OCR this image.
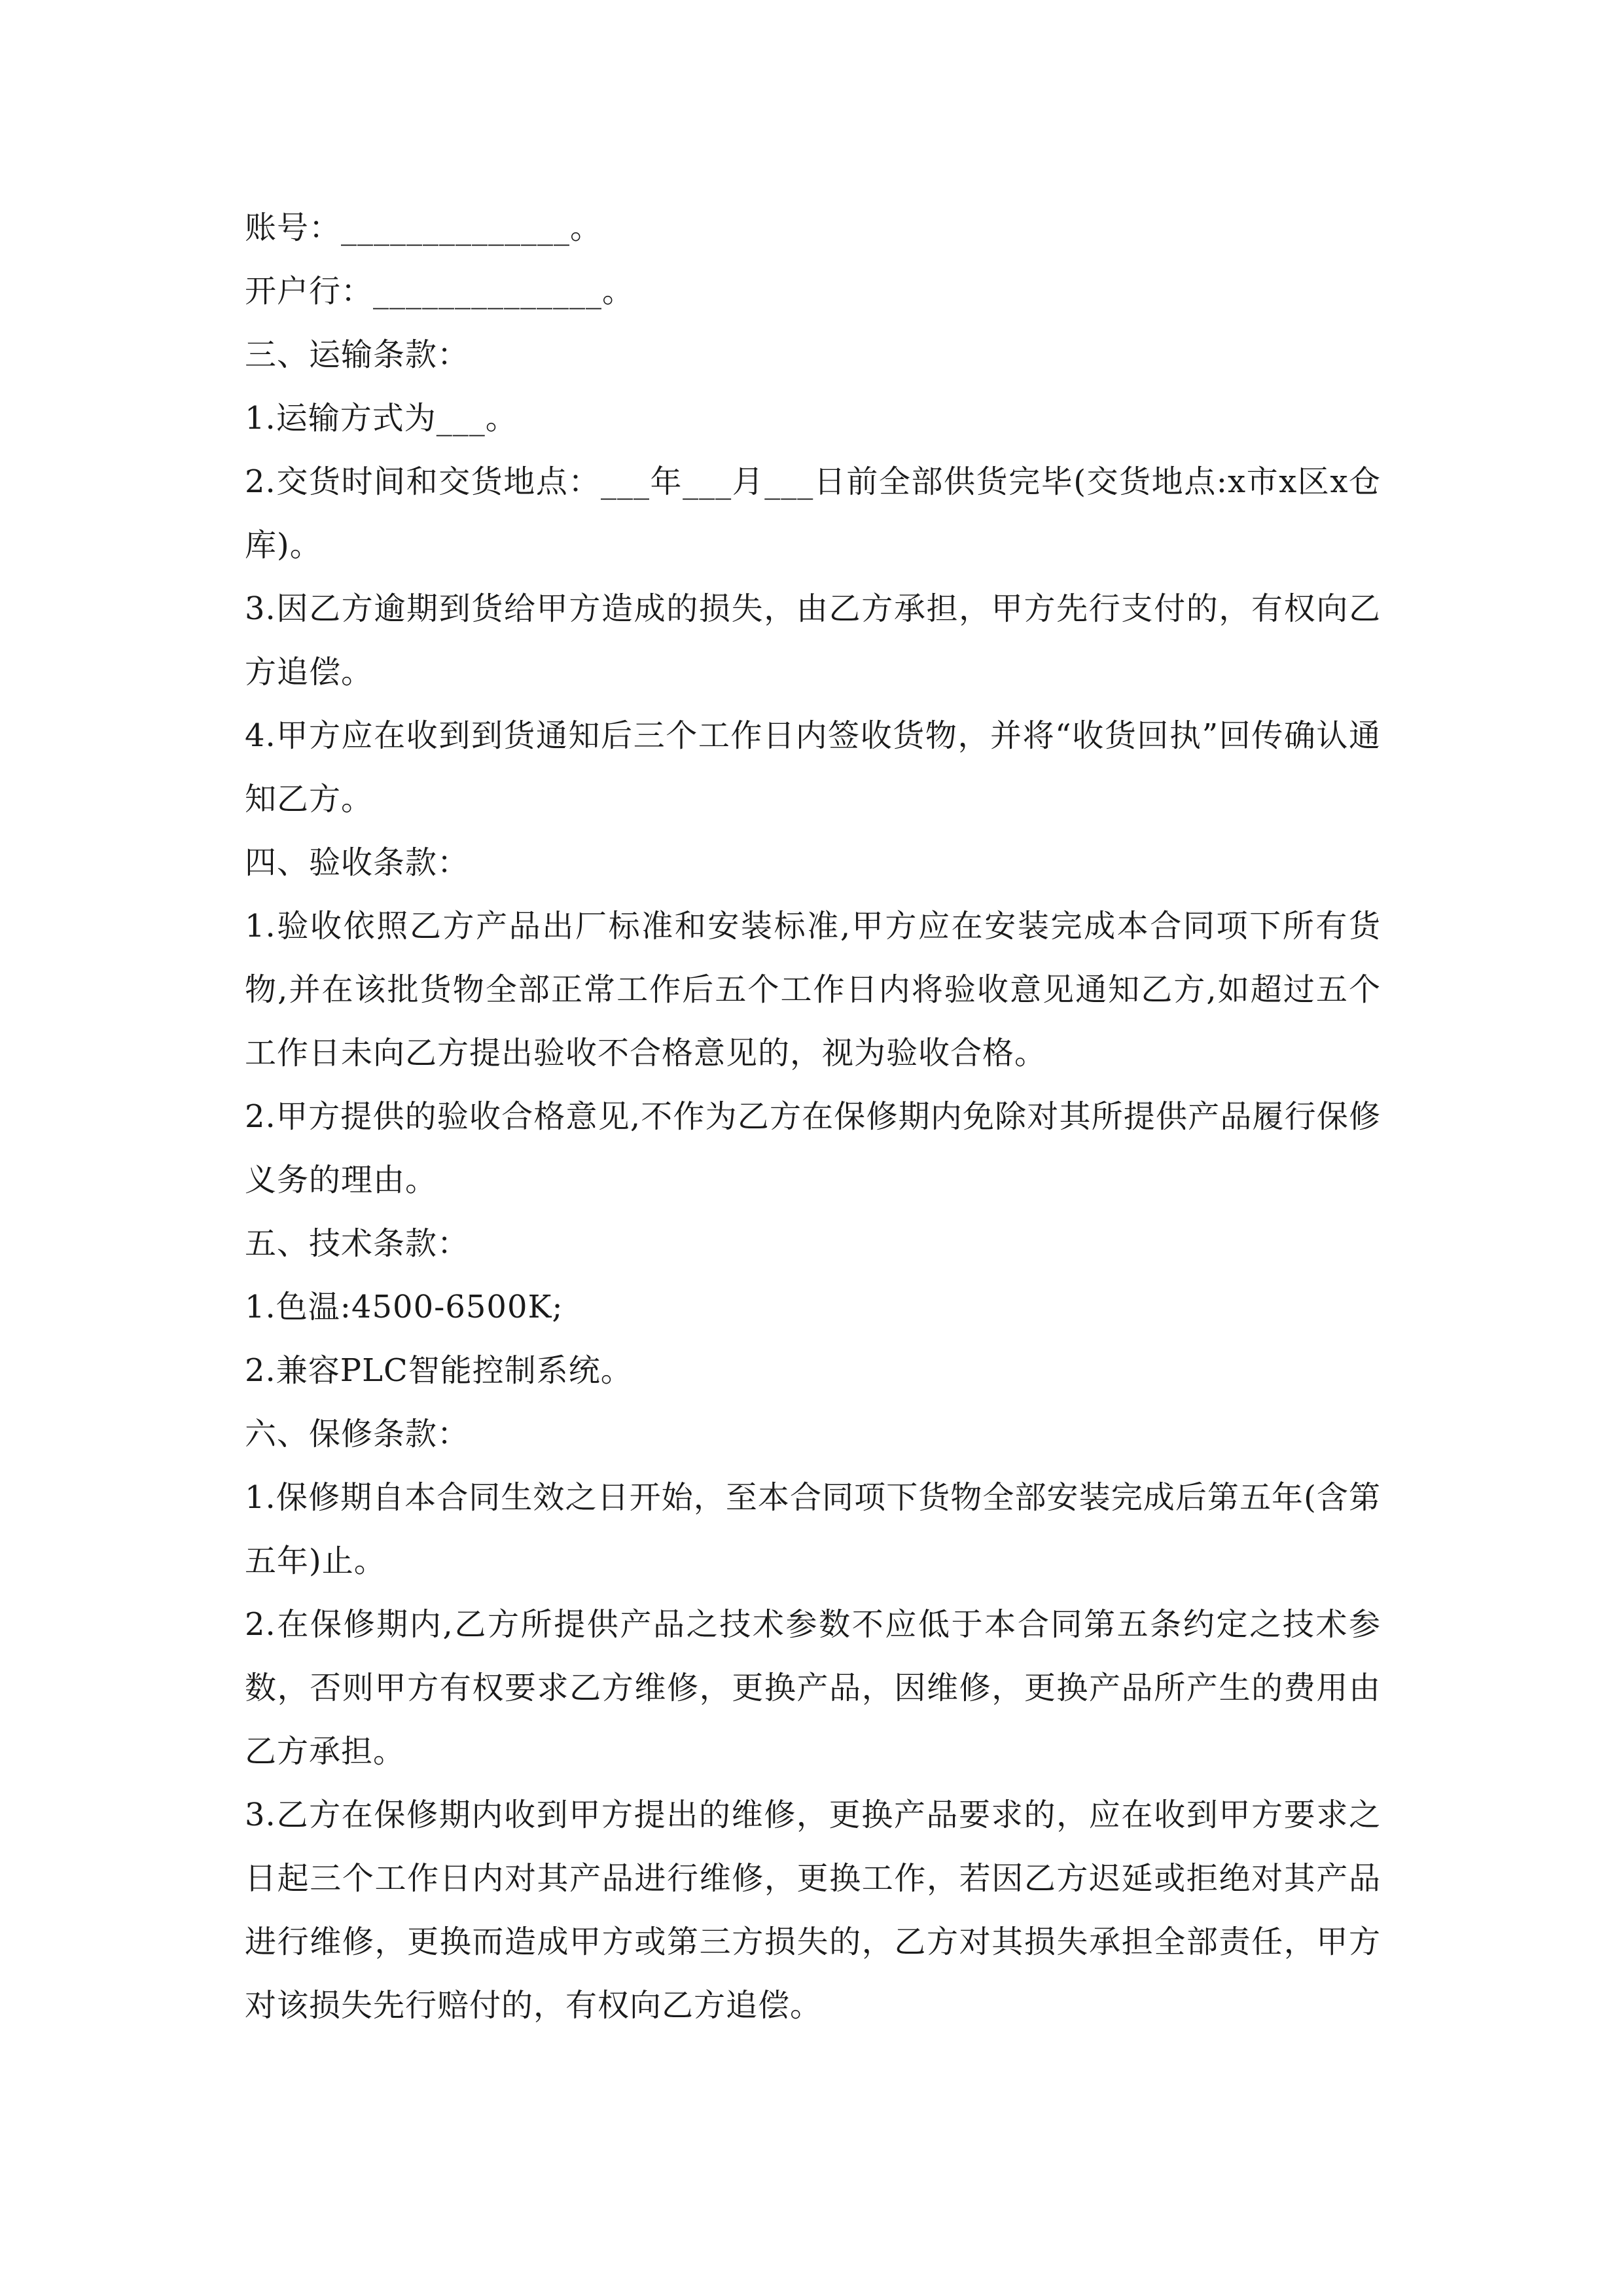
账号：______________。
开户行：______________。
三、运输条款：
1.运输方式为___。
2.交货时间和交货地点：___年___月___日前全部供货完毕(交货地点:x市x区x仓库)。
3.因乙方逾期到货给甲方造成的损失，由乙方承担，甲方先行支付的，有权向乙方追偿。
4.甲方应在收到到货通知后三个工作日内签收货物，并将“收货回执”回传确认通知乙方。
四、验收条款：
1.验收依照乙方产品出厂标准和安装标准,甲方应在安装完成本合同项下所有货物,并在该批货物全部正常工作后五个工作日内将验收意见通知乙方,如超过五个工作日未向乙方提出验收不合格意见的，视为验收合格。
2.甲方提供的验收合格意见,不作为乙方在保修期内免除对其所提供产品履行保修义务的理由。
五、技术条款：
1.色温:4500-6500K;
2.兼容PLC智能控制系统。
六、保修条款：
1.保修期自本合同生效之日开始，至本合同项下货物全部安装完成后第五年(含第五年)止。
2.在保修期内,乙方所提供产品之技术参数不应低于本合同第五条约定之技术参数，否则甲方有权要求乙方维修，更换产品，因维修，更换产品所产生的费用由乙方承担。
3.乙方在保修期内收到甲方提出的维修，更换产品要求的，应在收到甲方要求之日起三个工作日内对其产品进行维修，更换工作，若因乙方迟延或拒绝对其产品进行维修，更换而造成甲方或第三方损失的，乙方对其损失承担全部责任，甲方对该损失先行赔付的，有权向乙方追偿。
